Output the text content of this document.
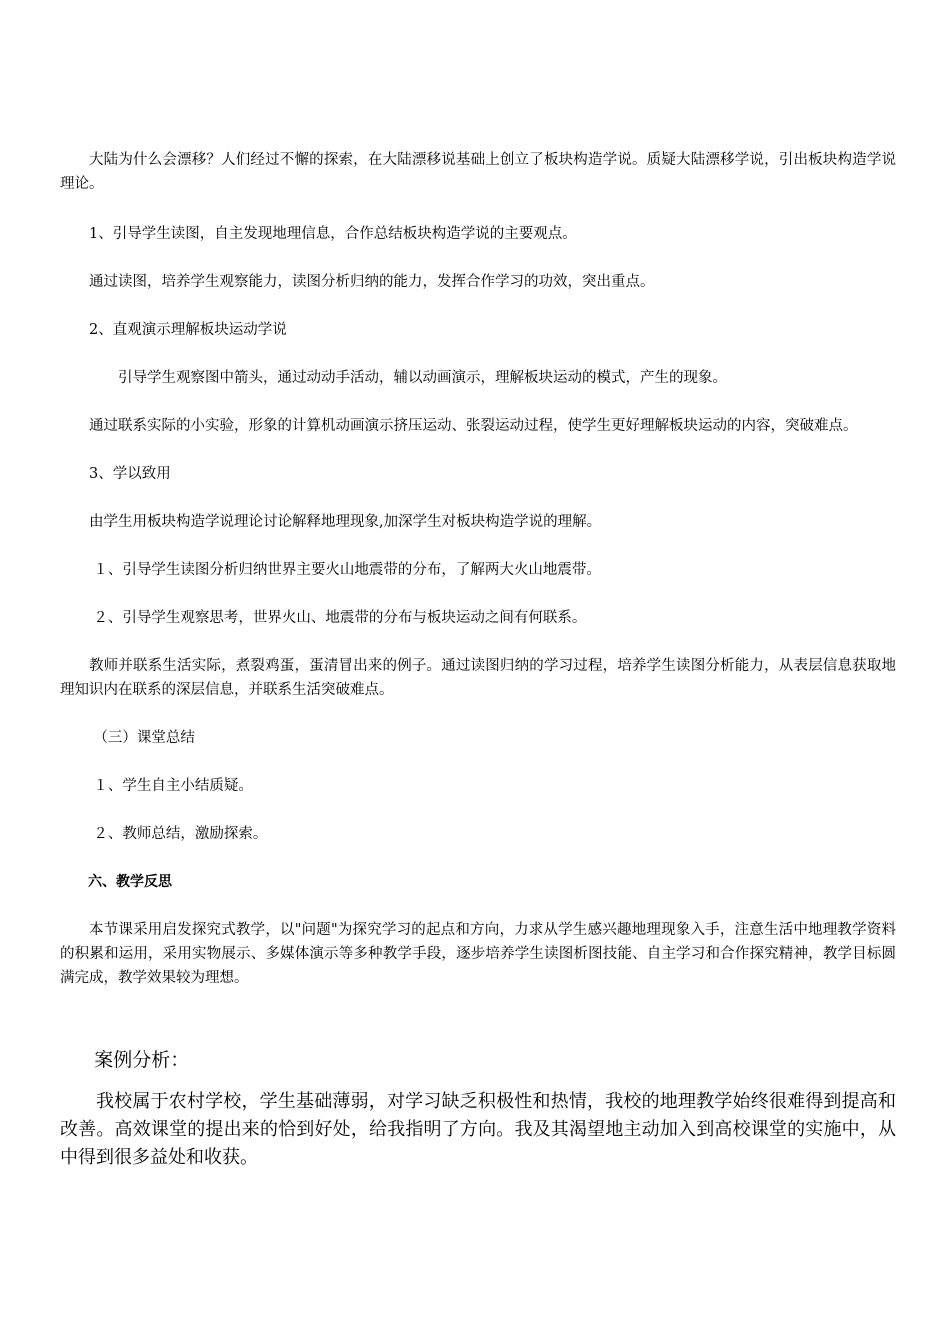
大陆为什么会漂移？人们经过不懈的探索，在大陆漂移说基础上创立了板块构造学说。质疑大陆漂移学说，引出板块构造学说理论。

1、引导学生读图，自主发现地理信息，合作总结板块构造学说的主要观点。

通过读图，培养学生观察能力，读图分析归纳的能力，发挥合作学习的功效，突出重点。

2、直观演示理解板块运动学说

引导学生观察图中箭头，通过动动手活动，辅以动画演示，理解板块运动的模式，产生的现象。

通过联系实际的小实验，形象的计算机动画演示挤压运动、张裂运动过程，使学生更好理解板块运动的内容，突破难点。

3、学以致用

由学生用板块构造学说理论讨论解释地理现象,加深学生对板块构造学说的理解。

１、引导学生读图分析归纳世界主要火山地震带的分布，了解两大火山地震带。

２、引导学生观察思考，世界火山、地震带的分布与板块运动之间有何联系。

教师并联系生活实际，煮裂鸡蛋，蛋清冒出来的例子。通过读图归纳的学习过程，培养学生读图分析能力，从表层信息获取地理知识内在联系的深层信息，并联系生活突破难点。

（三）课堂总结

１、学生自主小结质疑。

２、教师总结，激励探索。

六、教学反思

本节课采用启发探究式教学，以"问题"为探究学习的起点和方向，力求从学生感兴趣地理现象入手，注意生活中地理教学资料的积累和运用，采用实物展示、多媒体演示等多种教学手段，逐步培养学生读图析图技能、自主学习和合作探究精神，教学目标圆满完成，教学效果较为理想。

案例分析：

我校属于农村学校，学生基础薄弱，对学习缺乏积极性和热情，我校的地理教学始终很难得到提高和改善。高效课堂的提出来的恰到好处，给我指明了方向。我及其渴望地主动加入到高校课堂的实施中，从中得到很多益处和收获。
